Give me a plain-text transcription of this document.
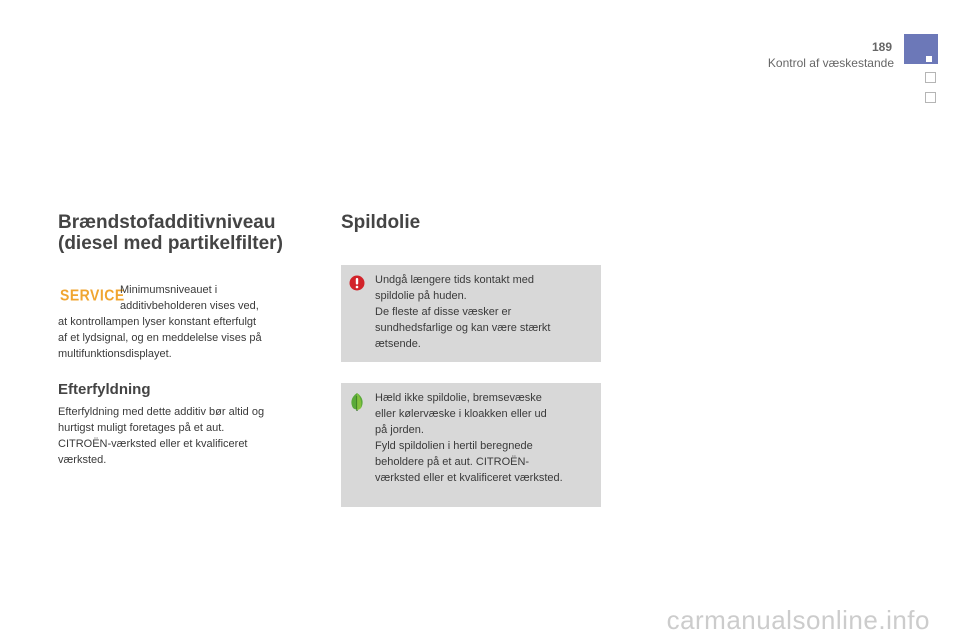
189
Kontrol af væskestande
Brændstofadditivniveau
(diesel med partikelfilter)
SERVICE
Minimumsniveauet i
additivbeholderen vises ved,
at kontrollampen lyser konstant efterfulgt
af et lydsignal, og en meddelelse vises på
multifunktionsdisplayet.
Efterfyldning
Efterfyldning med dette additiv bør altid og
hurtigst muligt foretages på et aut.
CITROËN-værksted eller et kvalificeret
værksted.
Spildolie
Undgå længere tids kontakt med
spildolie på huden.
De fleste af disse væsker er
sundhedsfarlige og kan være stærkt
ætsende.
Hæld ikke spildolie, bremsevæske
eller kølervæske i kloakken eller ud
på jorden.
Fyld spildolien i hertil beregnede
beholdere på et aut. CITROËN-
værksted eller et kvalificeret værksted.
carmanualsonline.info
